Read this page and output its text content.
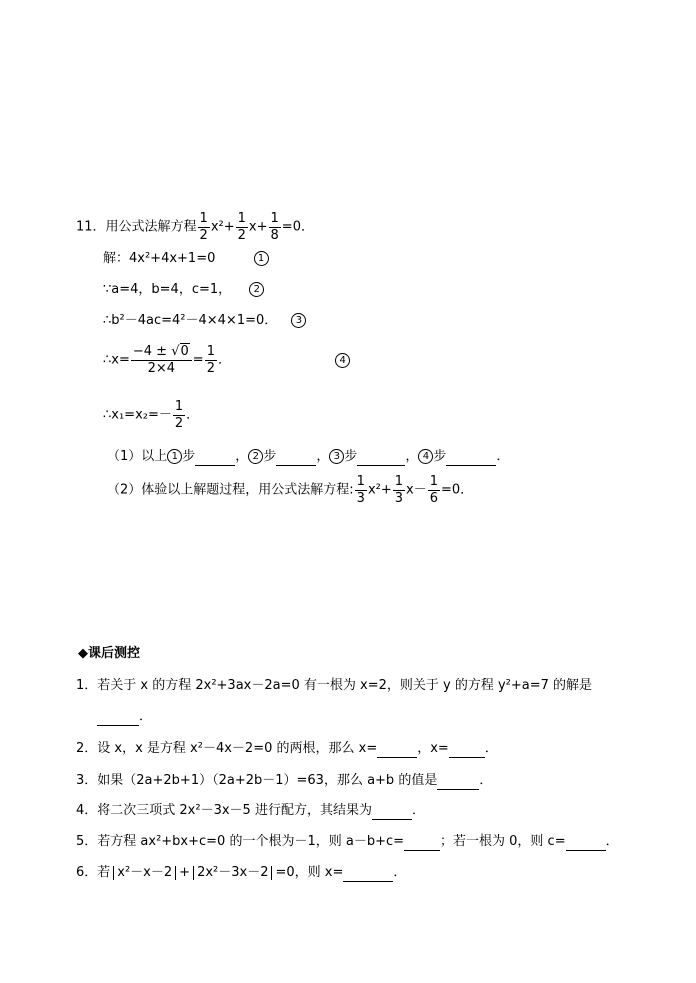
11．用公式法解方程 $\frac{1}{2} x^2+ \frac{1}{2} x+ \frac{1}{8} =0$．
解：4x²+4x+1=0	1
∵a=4，b=4，c=1， 2
∴b²－4ac=4²－4×4×1=0． 3
∴x= $\frac{-4 \pm √0}{2\times 4} = \frac{1}{2}$ ．	4
∴x₁=x₂=－ $\frac{1}{2}$ ．
（1）以上 1 步	， 2 步	， 3 步	， 4 步	．
（2）体验以上解题过程，用公式法解方程: $\frac{1}{3} x^2+ \frac{1}{3} x- \frac{1}{6} =0$．
◆课后测控
1．若关于 x 的方程 2x²+3ax－2a=0 有一根为 x=2，则关于 y 的方程 y²+a=7 的解是
．
2．设 x，x 是方程 x²－4x－2=0 的两根，那么 x=	，x=	．
3．如果（2a+2b+1）（2a+2b－1）=63，那么 a+b 的值是	．
4．将二次三项式 2x²－3x－5 进行配方，其结果为	．
5．若方程 ax²+bx+c=0 的一个根为－1，则 a－b+c=	；若一根为 0，则 c=	．
6．若 x²－x－2 + 2x²－3x－2 =0，则 x=	．
